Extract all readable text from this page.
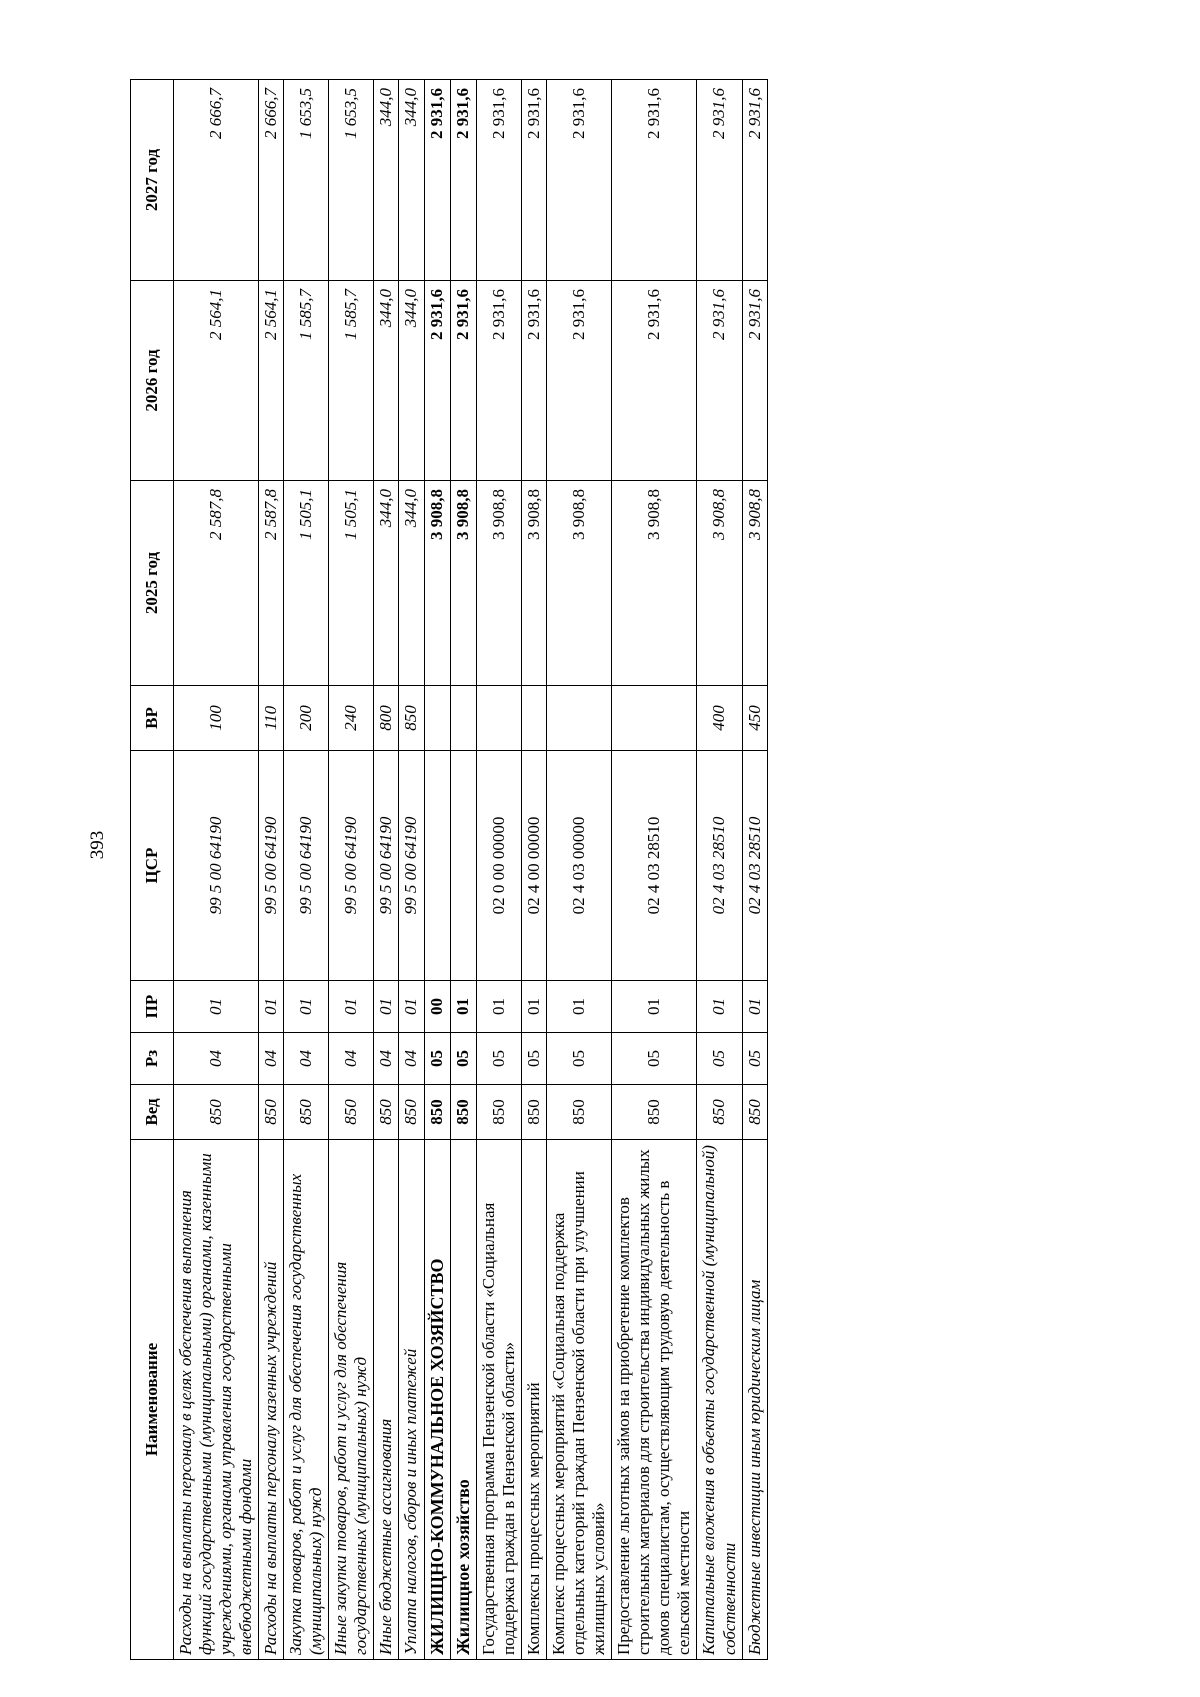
393
Наименование	Вед	Рз	ПР	ЦСР	ВР	2025 год	2026 год	2027 год
Расходы на выплаты персоналу в целях обеспечения выполнения функций государственными (муниципальными) органами, казенными учреждениями, органами управления государственными внебюджетными фондами	850	04	01	99 5 00 64190	100	2 587,8	2 564,1	2 666,7
Расходы на выплаты персоналу казенных учреждений	850	04	01	99 5 00 64190	110	2 587,8	2 564,1	2 666,7
Закупка товаров, работ и услуг для обеспечения государственных (муниципальных) нужд	850	04	01	99 5 00 64190	200	1 505,1	1 585,7	1 653,5
Иные закупки товаров, работ и услуг для обеспечения государственных (муниципальных) нужд	850	04	01	99 5 00 64190	240	1 505,1	1 585,7	1 653,5
Иные бюджетные ассигнования	850	04	01	99 5 00 64190	800	344,0	344,0	344,0
Уплата налогов, сборов и иных платежей	850	04	01	99 5 00 64190	850	344,0	344,0	344,0
ЖИЛИЩНО-КОММУНАЛЬНОЕ ХОЗЯЙСТВО	850	05	00			3 908,8	2 931,6	2 931,6
Жилищное хозяйство	850	05	01			3 908,8	2 931,6	2 931,6
Государственная программа Пензенской области «Социальная поддержка граждан в Пензенской области»	850	05	01	02 0 00 00000		3 908,8	2 931,6	2 931,6
Комплексы процессных мероприятий	850	05	01	02 4 00 00000		3 908,8	2 931,6	2 931,6
Комплекс процессных мероприятий «Социальная поддержка отдельных категорий граждан Пензенской области при улучшении жилищных условий»	850	05	01	02 4 03 00000		3 908,8	2 931,6	2 931,6
Предоставление льготных займов на приобретение комплектов строительных материалов для строительства индивидуальных жилых домов специалистам, осуществляющим трудовую деятельность в сельской местности	850	05	01	02 4 03 28510		3 908,8	2 931,6	2 931,6
Капитальные вложения в объекты государственной (муниципальной) собственности	850	05	01	02 4 03 28510	400	3 908,8	2 931,6	2 931,6
Бюджетные инвестиции иным юридическим лицам	850	05	01	02 4 03 28510	450	3 908,8	2 931,6	2 931,6
